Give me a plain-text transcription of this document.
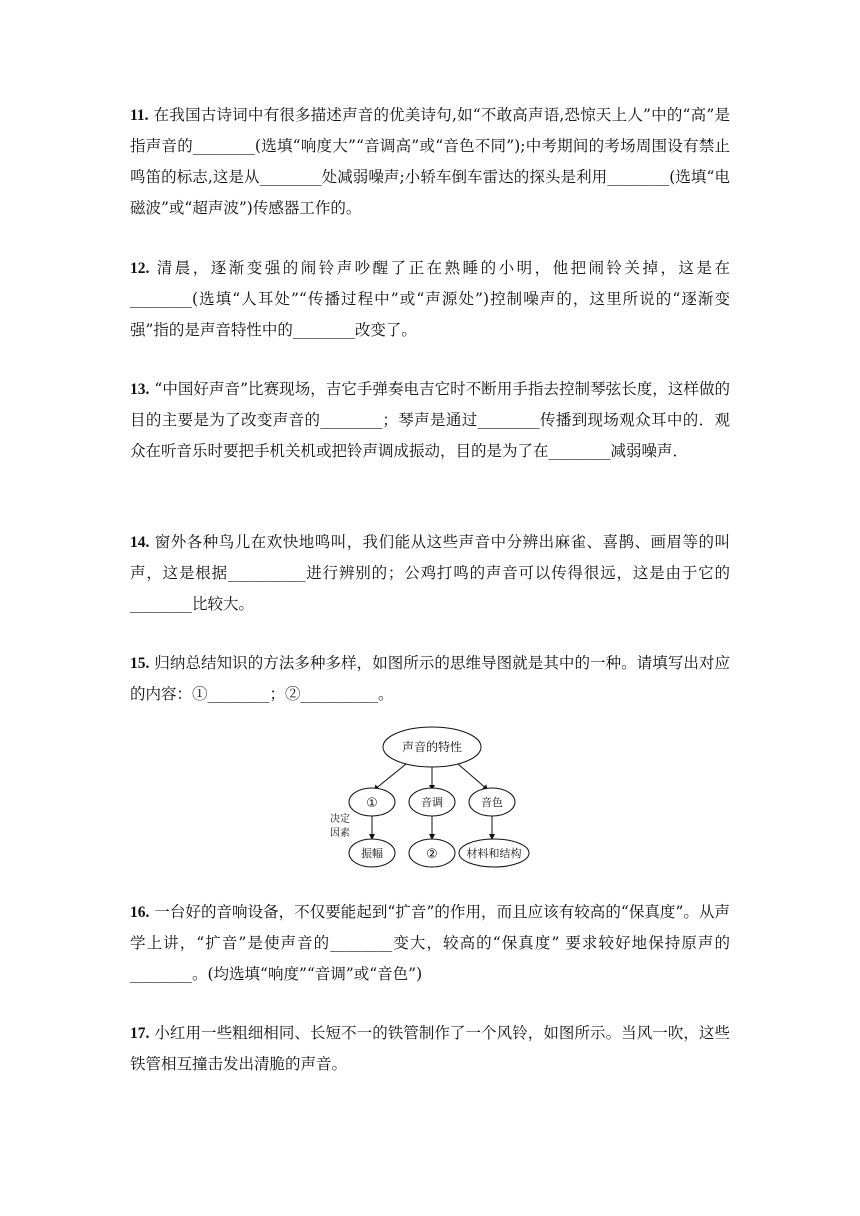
11. 在我国古诗词中有很多描述声音的优美诗句,如“不敢高声语,恐惊天上人”中的“高”是指声音的________(选填“响度大”“音调高”或“音色不同”);中考期间的考场周围设有禁止鸣笛的标志,这是从________处减弱噪声;小轿车倒车雷达的探头是利用________(选填“电磁波”或“超声波”)传感器工作的。
12. 清晨，逐渐变强的闹铃声吵醒了正在熟睡的小明，他把闹铃关掉，这是在________(选填“人耳处”“传播过程中”或“声源处”)控制噪声的，这里所说的“逐渐变强”指的是声音特性中的________改变了。
13. “中国好声音”比赛现场，吉它手弹奏电吉它时不断用手指去控制琴弦长度，这样做的目的主要是为了改变声音的________；琴声是通过________传播到现场观众耳中的．观众在听音乐时要把手机关机或把铃声调成振动，目的是为了在________减弱噪声．
14. 窗外各种鸟儿在欢快地鸣叫，我们能从这些声音中分辨出麻雀、喜鹊、画眉等的叫声，这是根据__________进行辨别的；公鸡打鸣的声音可以传得很远，这是由于它的________比较大。
15. 归纳总结知识的方法多种多样，如图所示的思维导图就是其中的一种。请填写出对应的内容：①________；②__________。
声音的特性
①	音调	音色
决定
因素
振幅	②	材料和结构
16. 一台好的音响设备，不仅要能起到“扩音”的作用，而且应该有较高的“保真度”。从声学上讲，“扩音”是使声音的________变大，较高的“保真度” 要求较好地保持原声的________。(均选填“响度”“音调”或“音色”)
17. 小红用一些粗细相同、长短不一的铁管制作了一个风铃，如图所示。当风一吹，这些铁管相互撞击发出清脆的声音。
